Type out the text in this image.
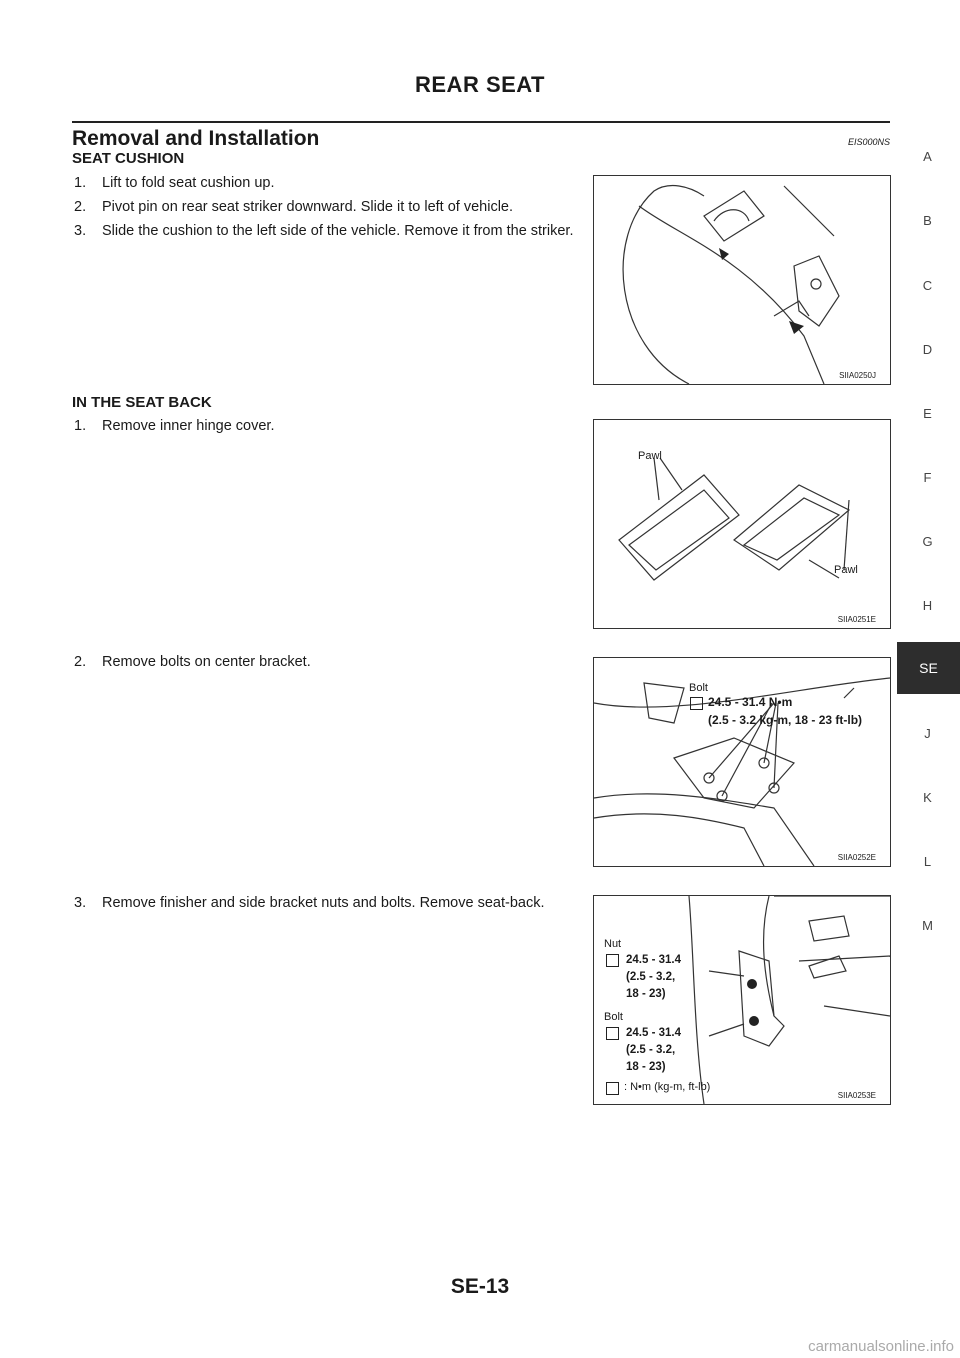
REAR SEAT
Removal and Installation	EIS000NS
SEAT CUSHION
1. Lift to fold seat cushion up.
2. Pivot pin on rear seat striker downward. Slide it to left of vehicle.
3. Slide the cushion to the left side of the vehicle. Remove it from the striker.
SIIA0250J
IN THE SEAT BACK
1. Remove inner hinge cover.
Pawl
Pawl
SIIA0251E
2. Remove bolts on center bracket.
Bolt
24.5 - 31.4 N•m
(2.5 - 3.2 kg-m, 18 - 23 ft-lb)
SIIA0252E
3. Remove finisher and side bracket nuts and bolts. Remove seat-back.
Nut
24.5 - 31.4
(2.5 - 3.2,
18 - 23)
Bolt
24.5 - 31.4
(2.5 - 3.2,
18 - 23)
: N•m (kg-m, ft-lb)
SIIA0253E
A
B
C
D
E
F
G
H
SE
J
K
L
M
SE-13
carmanualsonline.info
